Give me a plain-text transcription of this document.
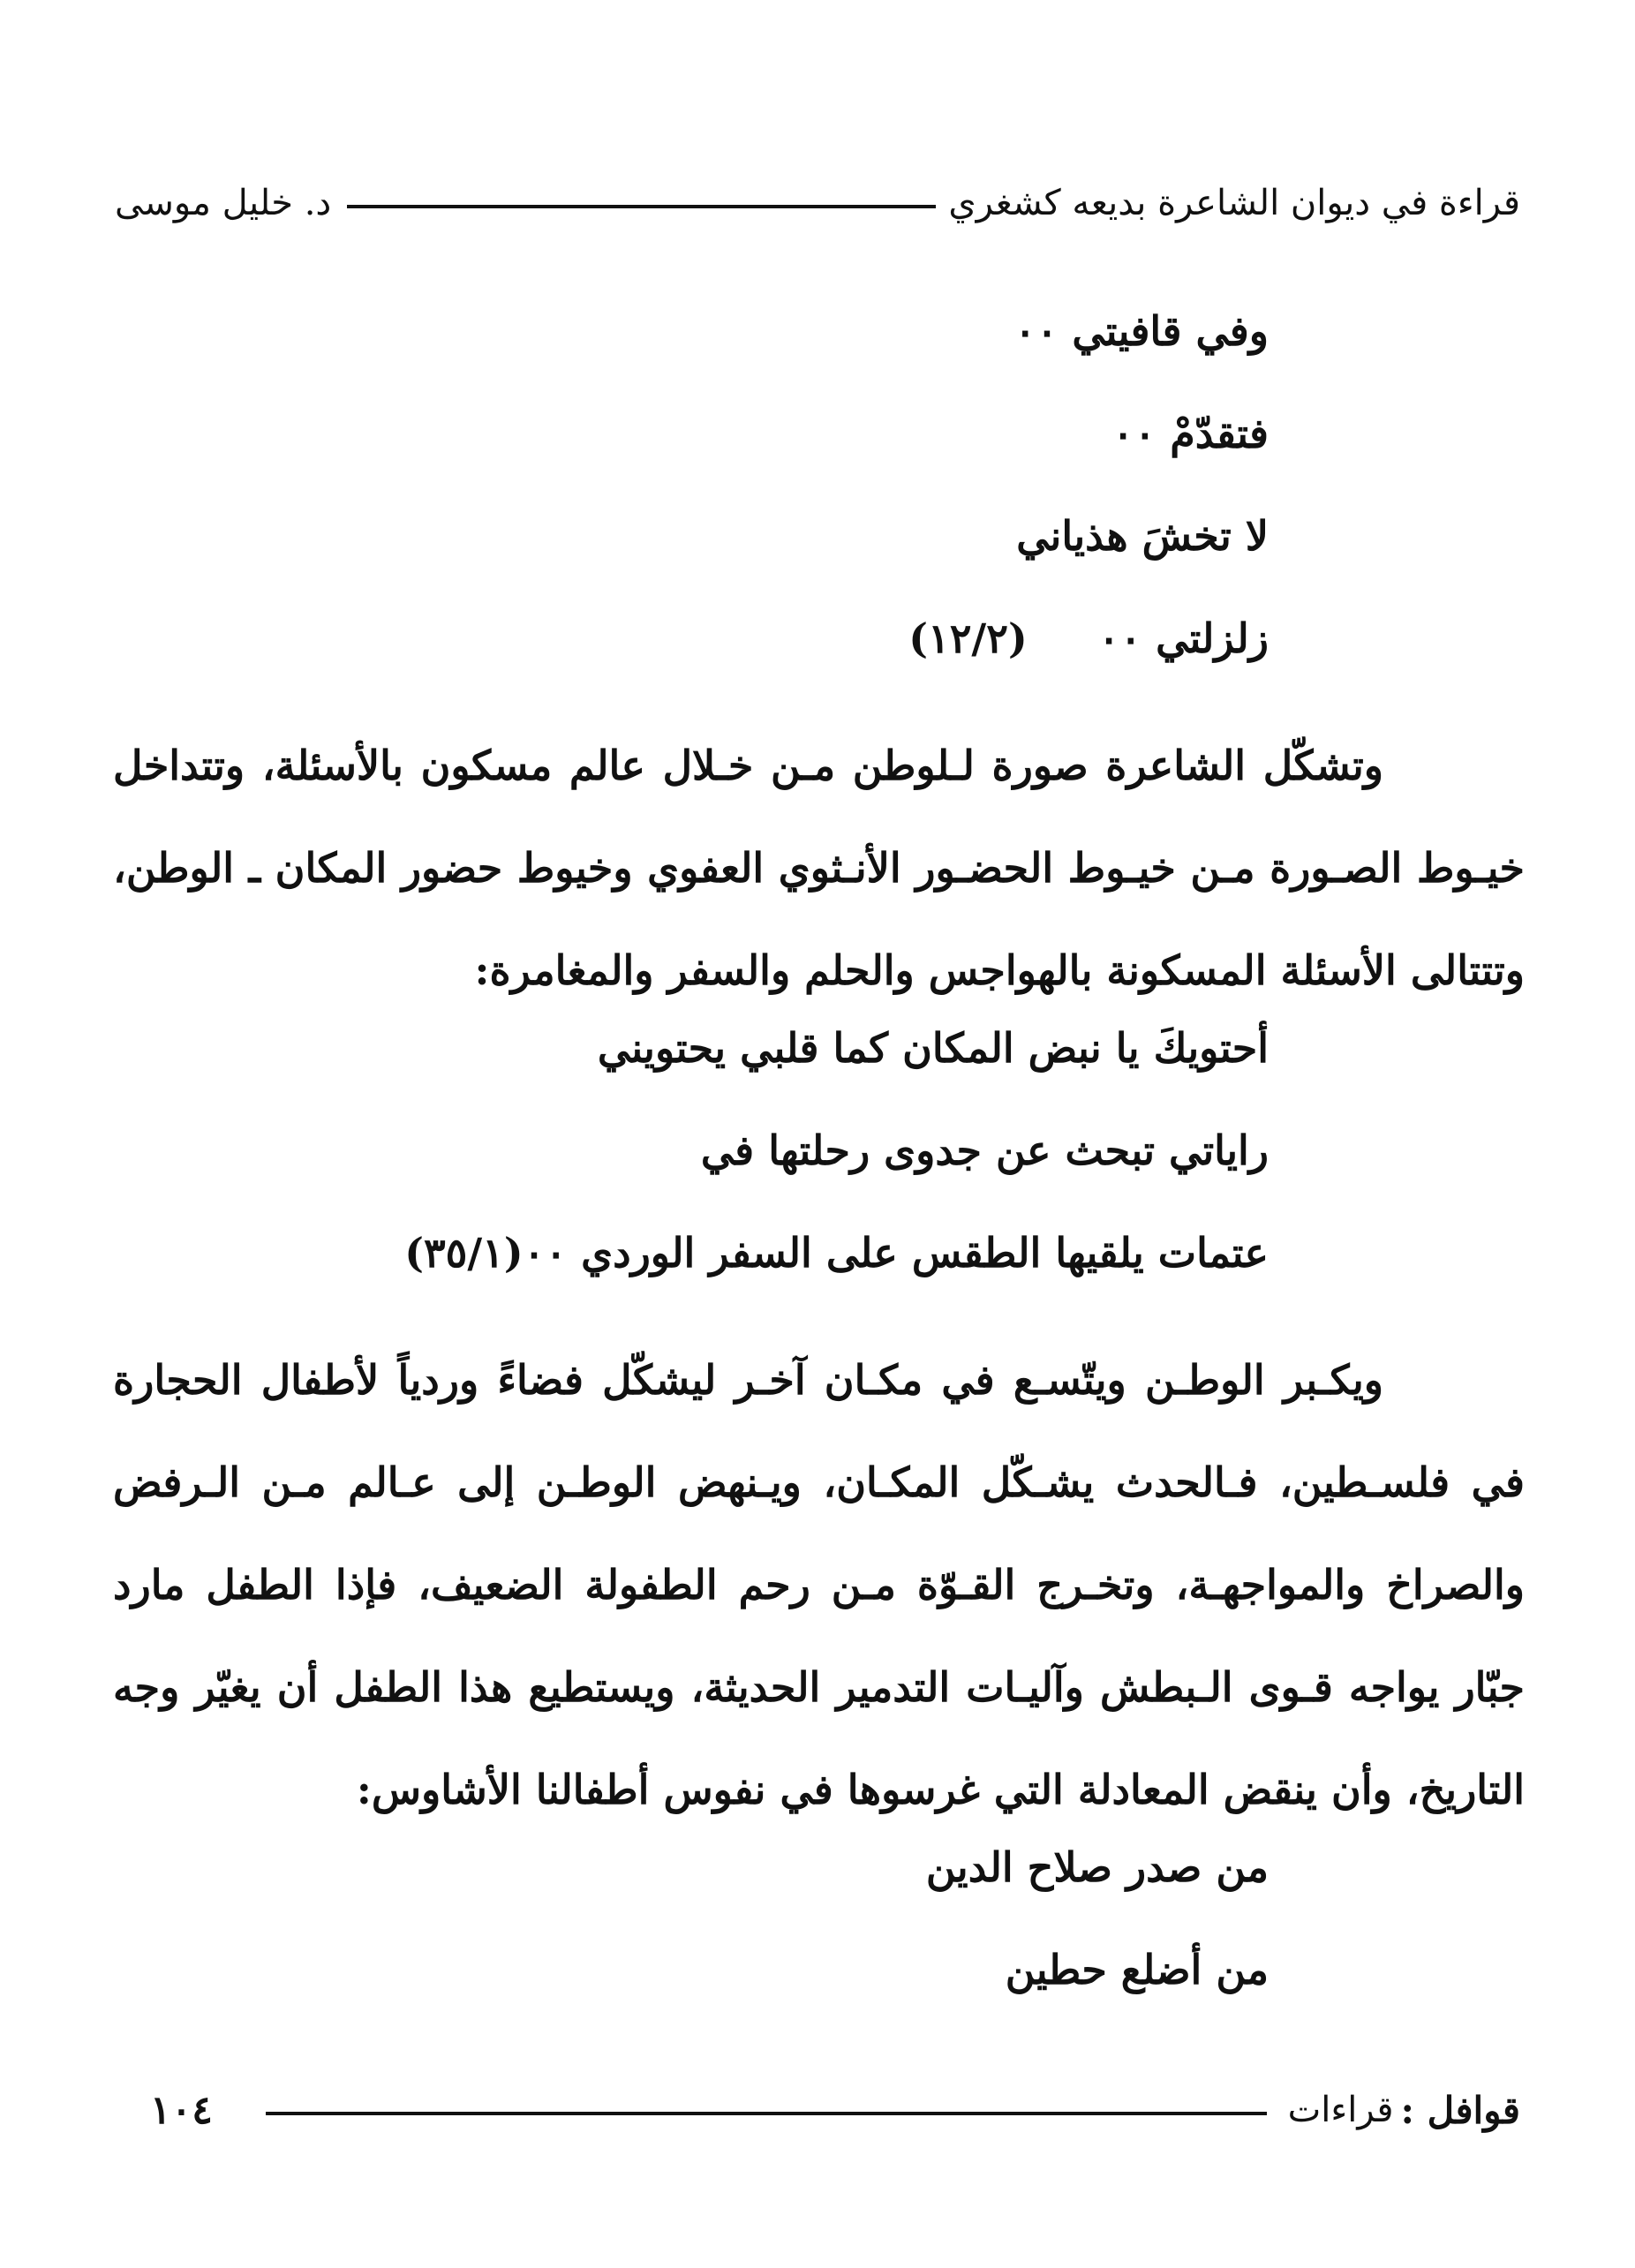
قراءة في ديوان الشاعرة بديعه كشغري
د. خليل موسى
وفي قافيتي ٠٠
فتقدّمْ ٠٠
لا تخشَ هذياني
زلزلتي ٠٠(١٢/٢)
وتشكّل الشاعرة صورة لـلوطن مـن خـلال عالم مسكون بالأسئلة، وتتداخل خيـوط الصـورة مـن خيـوط الحضـور الأنـثوي العفوي وخيوط حضور المكان ـ الوطن، وتتتالى الأسئلة المسكونة بالهواجس والحلم والسفر والمغامرة:
أحتويكَ يا نبض المكان كما قلبي يحتويني
راياتي تبحث عن جدوى رحلتها في
عتمات يلقيها الطقس على السفر الوردي ٠٠(٣٥/١)
ويكـبر الوطـن ويتّسـع في مكـان آخـر ليشكّل فضاءً وردياً لأطفال الحجارة في فلسـطين، فـالحدث يشـكّل المكـان، ويـنهض الوطـن إلى عـالم مـن الـرفض والصراخ والمواجهـة، وتخـرج القـوّة مـن رحم الطفولة الضعيف، فإذا الطفل مارد جبّار يواجه قـوى الـبطش وآليـات التدمير الحديثة، ويستطيع هذا الطفل أن يغيّر وجه التاريخ، وأن ينقض المعادلة التي غرسوها في نفوس أطفالنا الأشاوس:
من صدر صلاح الدين
من أضلع حطين
قوافل :
قراءات
١٠٤
